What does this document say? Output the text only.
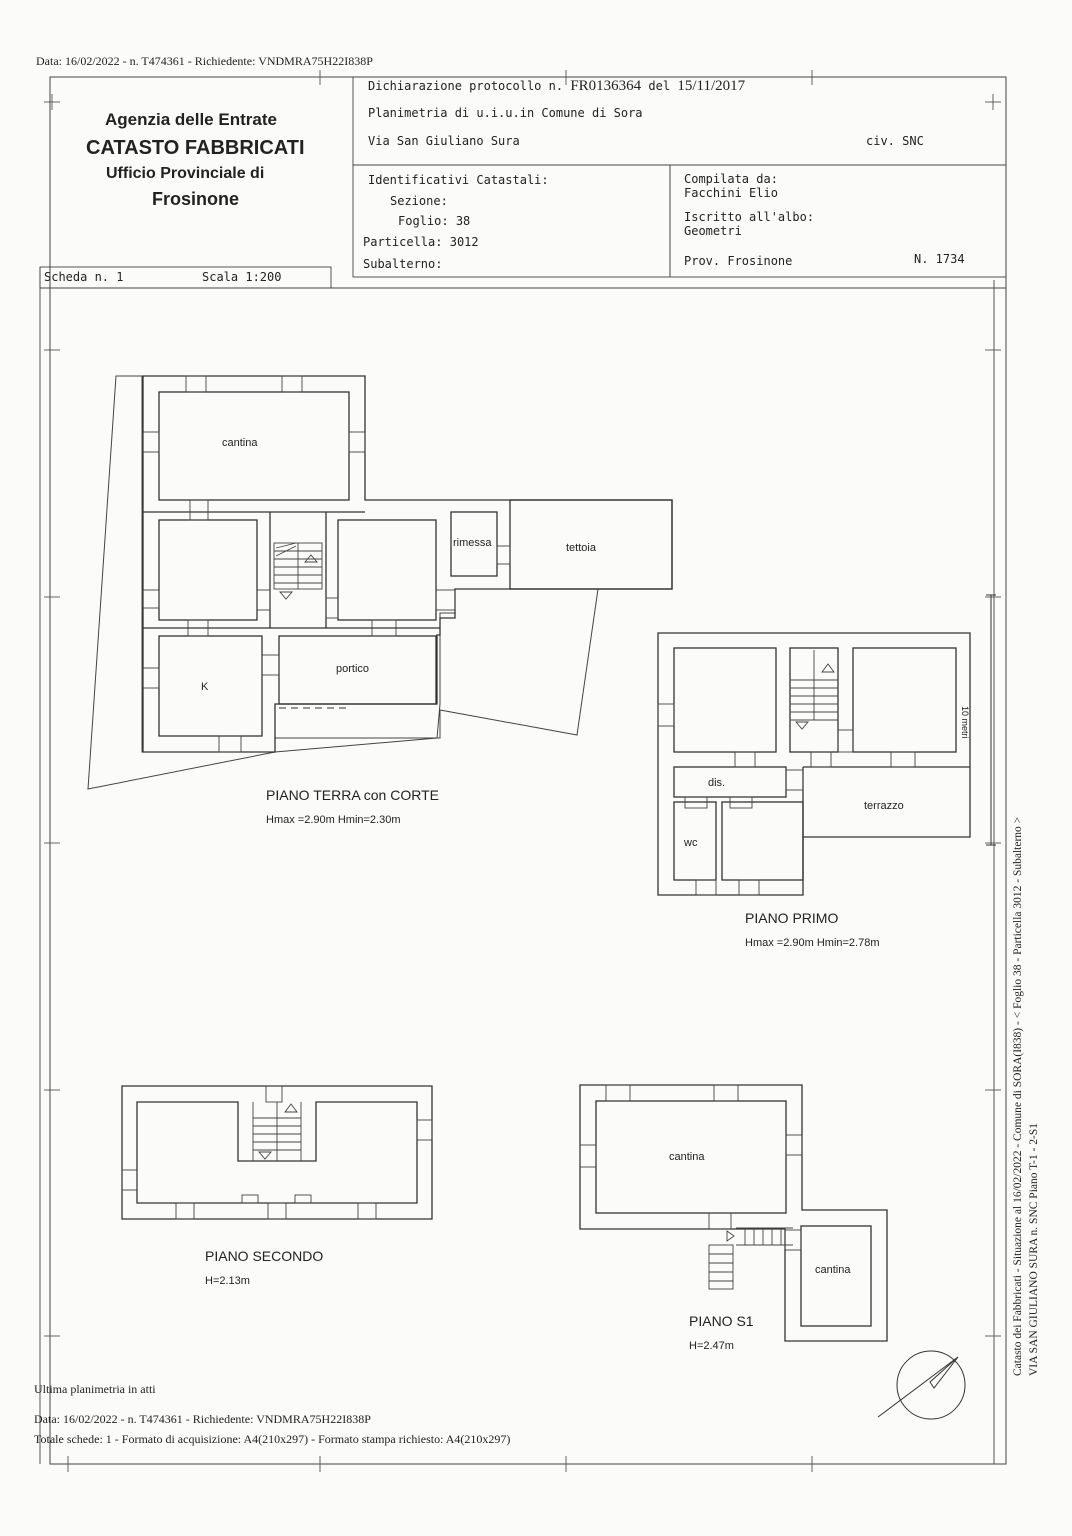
Data: 16/02/2022 - n. T474361 - Richiedente: VNDMRA75H22I838P
Agenzia delle Entrate
CATASTO FABBRICATI
Ufficio Provinciale di
Frosinone
Dichiarazione protocollo n. FR0136364 del 15/11/2017
Planimetria di u.i.u.in Comune di Sora
Via San Giuliano Sura	civ. SNC
Identificativi Catastali:
Sezione:
Foglio: 38
Particella: 3012
Subalterno:
Compilata da:
Facchini Elio
Iscritto all'albo:
Geometri
Prov. Frosinone	N. 1734
Scheda n. 1	Scala 1:200
cantina
rimessa	tettoia
K
portico
dis.
terrazzo
wc
cantina
cantina
PIANO TERRA con CORTE
Hmax =2.90m Hmin=2.30m
PIANO PRIMO
Hmax =2.90m Hmin=2.78m
PIANO SECONDO
H=2.13m
PIANO S1
H=2.47m
10 metri
Catasto dei Fabbricati - Situazione al 16/02/2022 - Comune di SORA(I838) - < Foglio 38 - Particella 3012 - Subalterno > VIA SAN GIULIANO SURA n. SNC Piano T-1 - 2-S1
Ultima planimetria in atti
Data: 16/02/2022 - n. T474361 - Richiedente: VNDMRA75H22I838P
Totale schede: 1 - Formato di acquisizione: A4(210x297) - Formato stampa richiesto: A4(210x297)
